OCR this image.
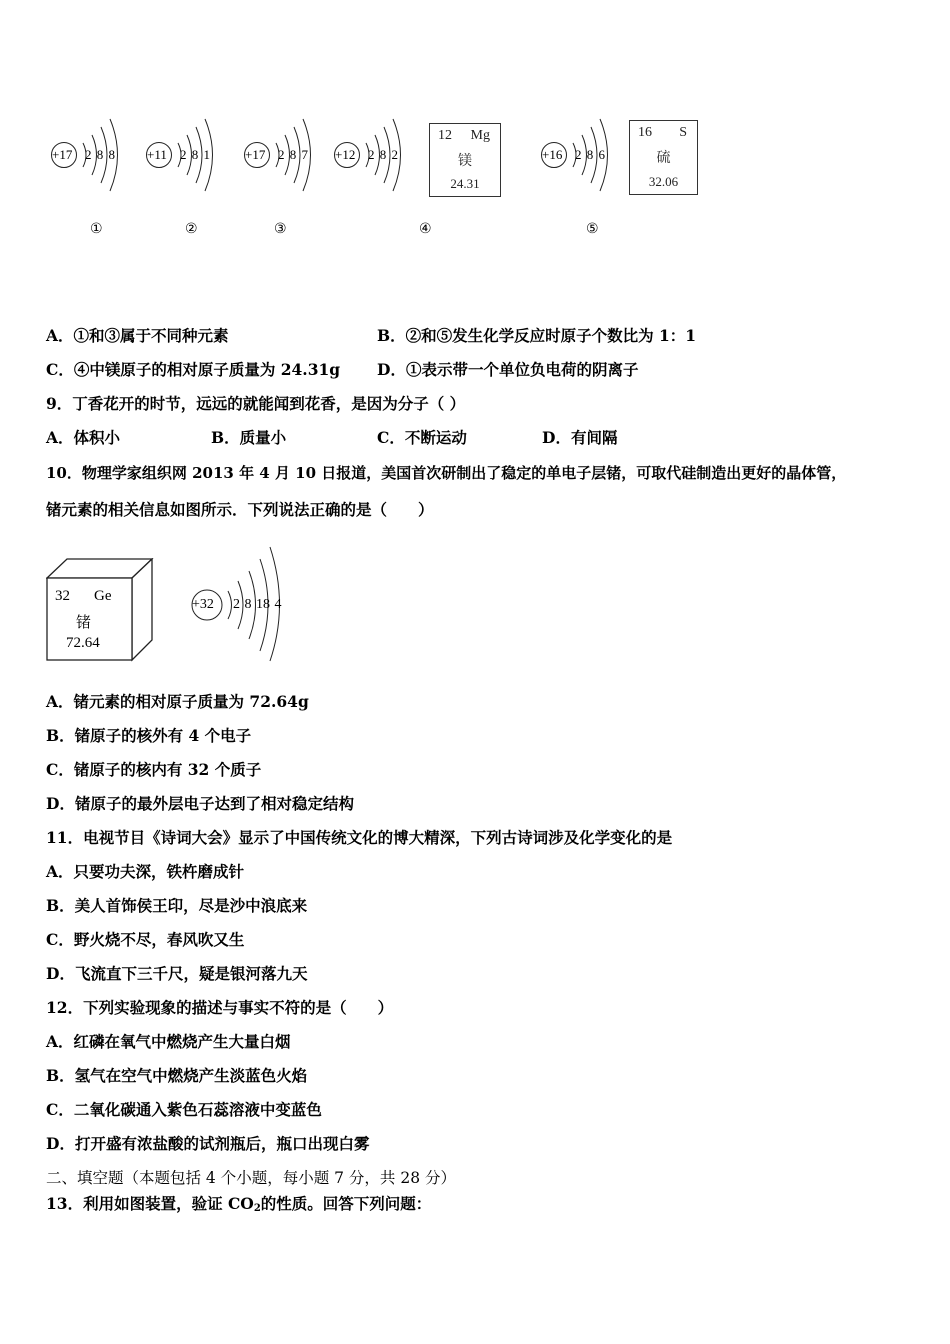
+17 2 8 8 +11 2 8 1	+17 2 8 7 +12 2 8 2
12 Mg
镁
24.31
+16 2 8 6
16 S
硫
32.06
①	②	③	④	⑤
A．①和③属于不同种元素	B．②和⑤发生化学反应时原子个数比为 1：1
C．④中镁原子的相对原子质量为 24.31g D．①表示带一个单位负电荷的阴离子
9．丁香花开的时节，远远的就能闻到花香，是因为分子（ ）
A．体积小	B．质量小	C．不断运动	D．有间隔
10．物理学家组织网 2013 年 4 月 10 日报道，美国首次研制出了稳定的单电子层锗，可取代硅制造出更好的晶体管，
锗元素的相关信息如图所示．下列说法正确的是（　　）
32 Ge
锗
72.64
+32 2 8 18 4
A．锗元素的相对原子质量为 72.64g
B．锗原子的核外有 4 个电子
C．锗原子的核内有 32 个质子
D．锗原子的最外层电子达到了相对稳定结构
11．电视节目《诗词大会》显示了中国传统文化的博大精深，下列古诗词涉及化学变化的是
A．只要功夫深，铁杵磨成针
B．美人首饰侯王印，尽是沙中浪底来
C．野火烧不尽，春风吹又生
D．飞流直下三千尺，疑是银河落九天
12．下列实验现象的描述与事实不符的是（　　）
A．红磷在氧气中燃烧产生大量白烟
B．氢气在空气中燃烧产生淡蓝色火焰
C．二氧化碳通入紫色石蕊溶液中变蓝色
D．打开盛有浓盐酸的试剂瓶后，瓶口出现白雾
二、填空题（本题包括 4 个小题，每小题 7 分，共 28 分）
13．利用如图装置，验证 $CO_2$的性质。回答下列问题：
